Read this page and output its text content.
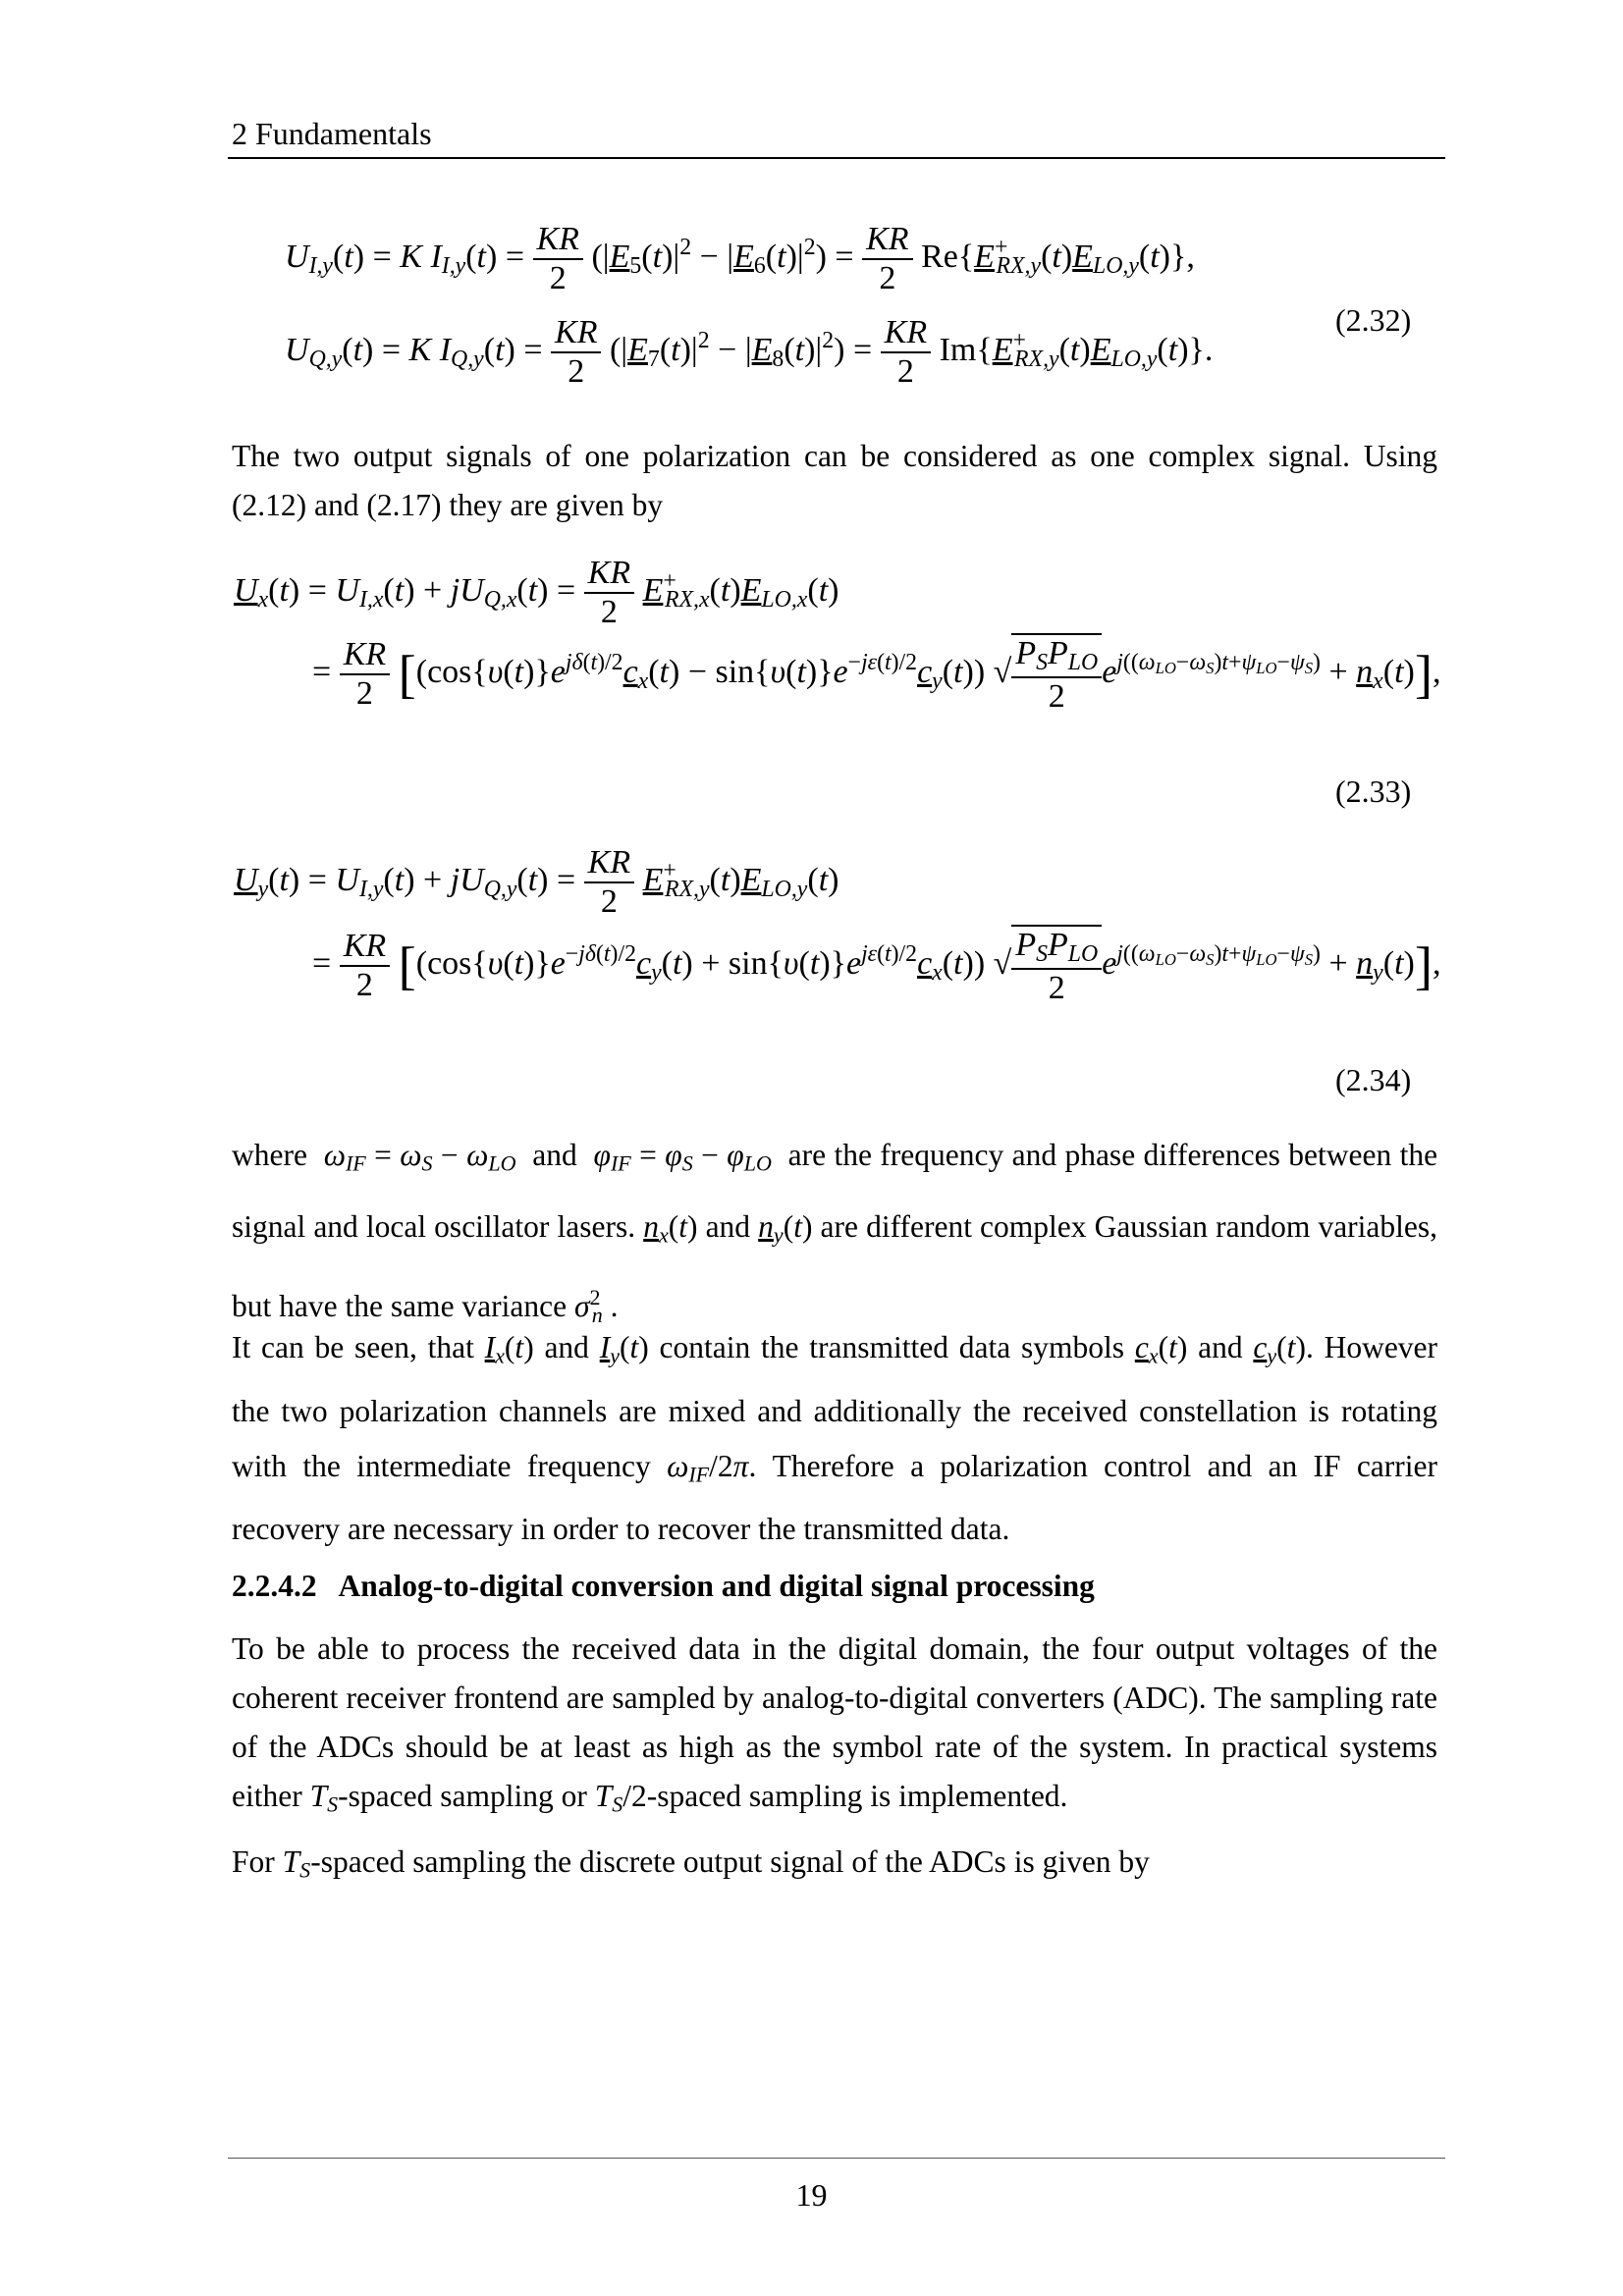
2 Fundamentals
$U_{I,y}(t) = K$ $I_{I,y}(t) = \frac{KR}{2} (|E_5(t)|^2 - |E_6(t)|^2) = \frac{KR}{2} Re\{E^+_{RX,y}(t)E_{LO,y}(t)\}$,
$U_{Q,y}(t) = K$ $I_{Q,y}(t) = \frac{KR}{2} (|E_7(t)|^2 - |E_8(t)|^2) = \frac{KR}{2} Im\{E^+_{RX,y}(t)E_{LO,y}(t)\}$.
(2.32)

The two output signals of one polarization can be considered as one complex signal. Using (2.12) and (2.17) they are given by

$U_x(t) = U_{I,x}(t) + jU_{Q,x}(t) = \frac{KR}{2} E^+_{RX,x}(t)E_{LO,x}(t)$
= $\frac{KR}{2} [(\cos\{\upsilon(t)\}e^{j\delta(t)/2}c_x(t) - \sin\{\upsilon(t)\}e^{-j\varepsilon(t)/2}c_y(t))$ √ $\frac{P_SP_{LO}}{2} e^{j((\omega_{LO}-\omega_S)t+\psi_{LO}-\psi_S)} + n_x(t)$],
(2.33)
$U_y(t) = U_{I,y}(t) + jU_{Q,y}(t) = \frac{KR}{2} E^+_{RX,y}(t)E_{LO,y}(t)$
= $\frac{KR}{2} [(\cos\{\upsilon(t)\}e^{-j\delta(t)/2}c_y(t) + \sin\{\upsilon(t)\}e^{j\varepsilon(t)/2}c_x(t))$ √ $\frac{P_SP_{LO}}{2} e^{j((\omega_{LO}-\omega_S)t+\psi_{LO}-\psi_S)} + n_y(t)$],
(2.34)

where $\omega_{IF} = \omega_S - \omega_{LO}$ and $\varphi_{IF} = \varphi_S - \varphi_{LO}$ are the frequency and phase differences between the signal and local oscillator lasers. $n_x(t)$ and $n_y(t)$ are different complex Gaussian random variables, but have the same variance $\sigma^2_n$ .

It can be seen, that $I_x(t)$ and $I_y(t)$ contain the transmitted data symbols $c_x(t)$ and $c_y(t)$. However the two polarization channels are mixed and additionally the received constellation is rotating with the intermediate frequency $\omega_{IF}/2\pi$. Therefore a polarization control and an IF carrier recovery are necessary in order to recover the transmitted data.

2.2.4.2 Analog-to-digital conversion and digital signal processing

To be able to process the received data in the digital domain, the four output voltages of the coherent receiver frontend are sampled by analog-to-digital converters (ADC). The sampling rate of the ADCs should be at least as high as the symbol rate of the system. In practical systems either $T_S$-spaced sampling or $T_S/2$-spaced sampling is implemented.

For $T_S$-spaced sampling the discrete output signal of the ADCs is given by

19
